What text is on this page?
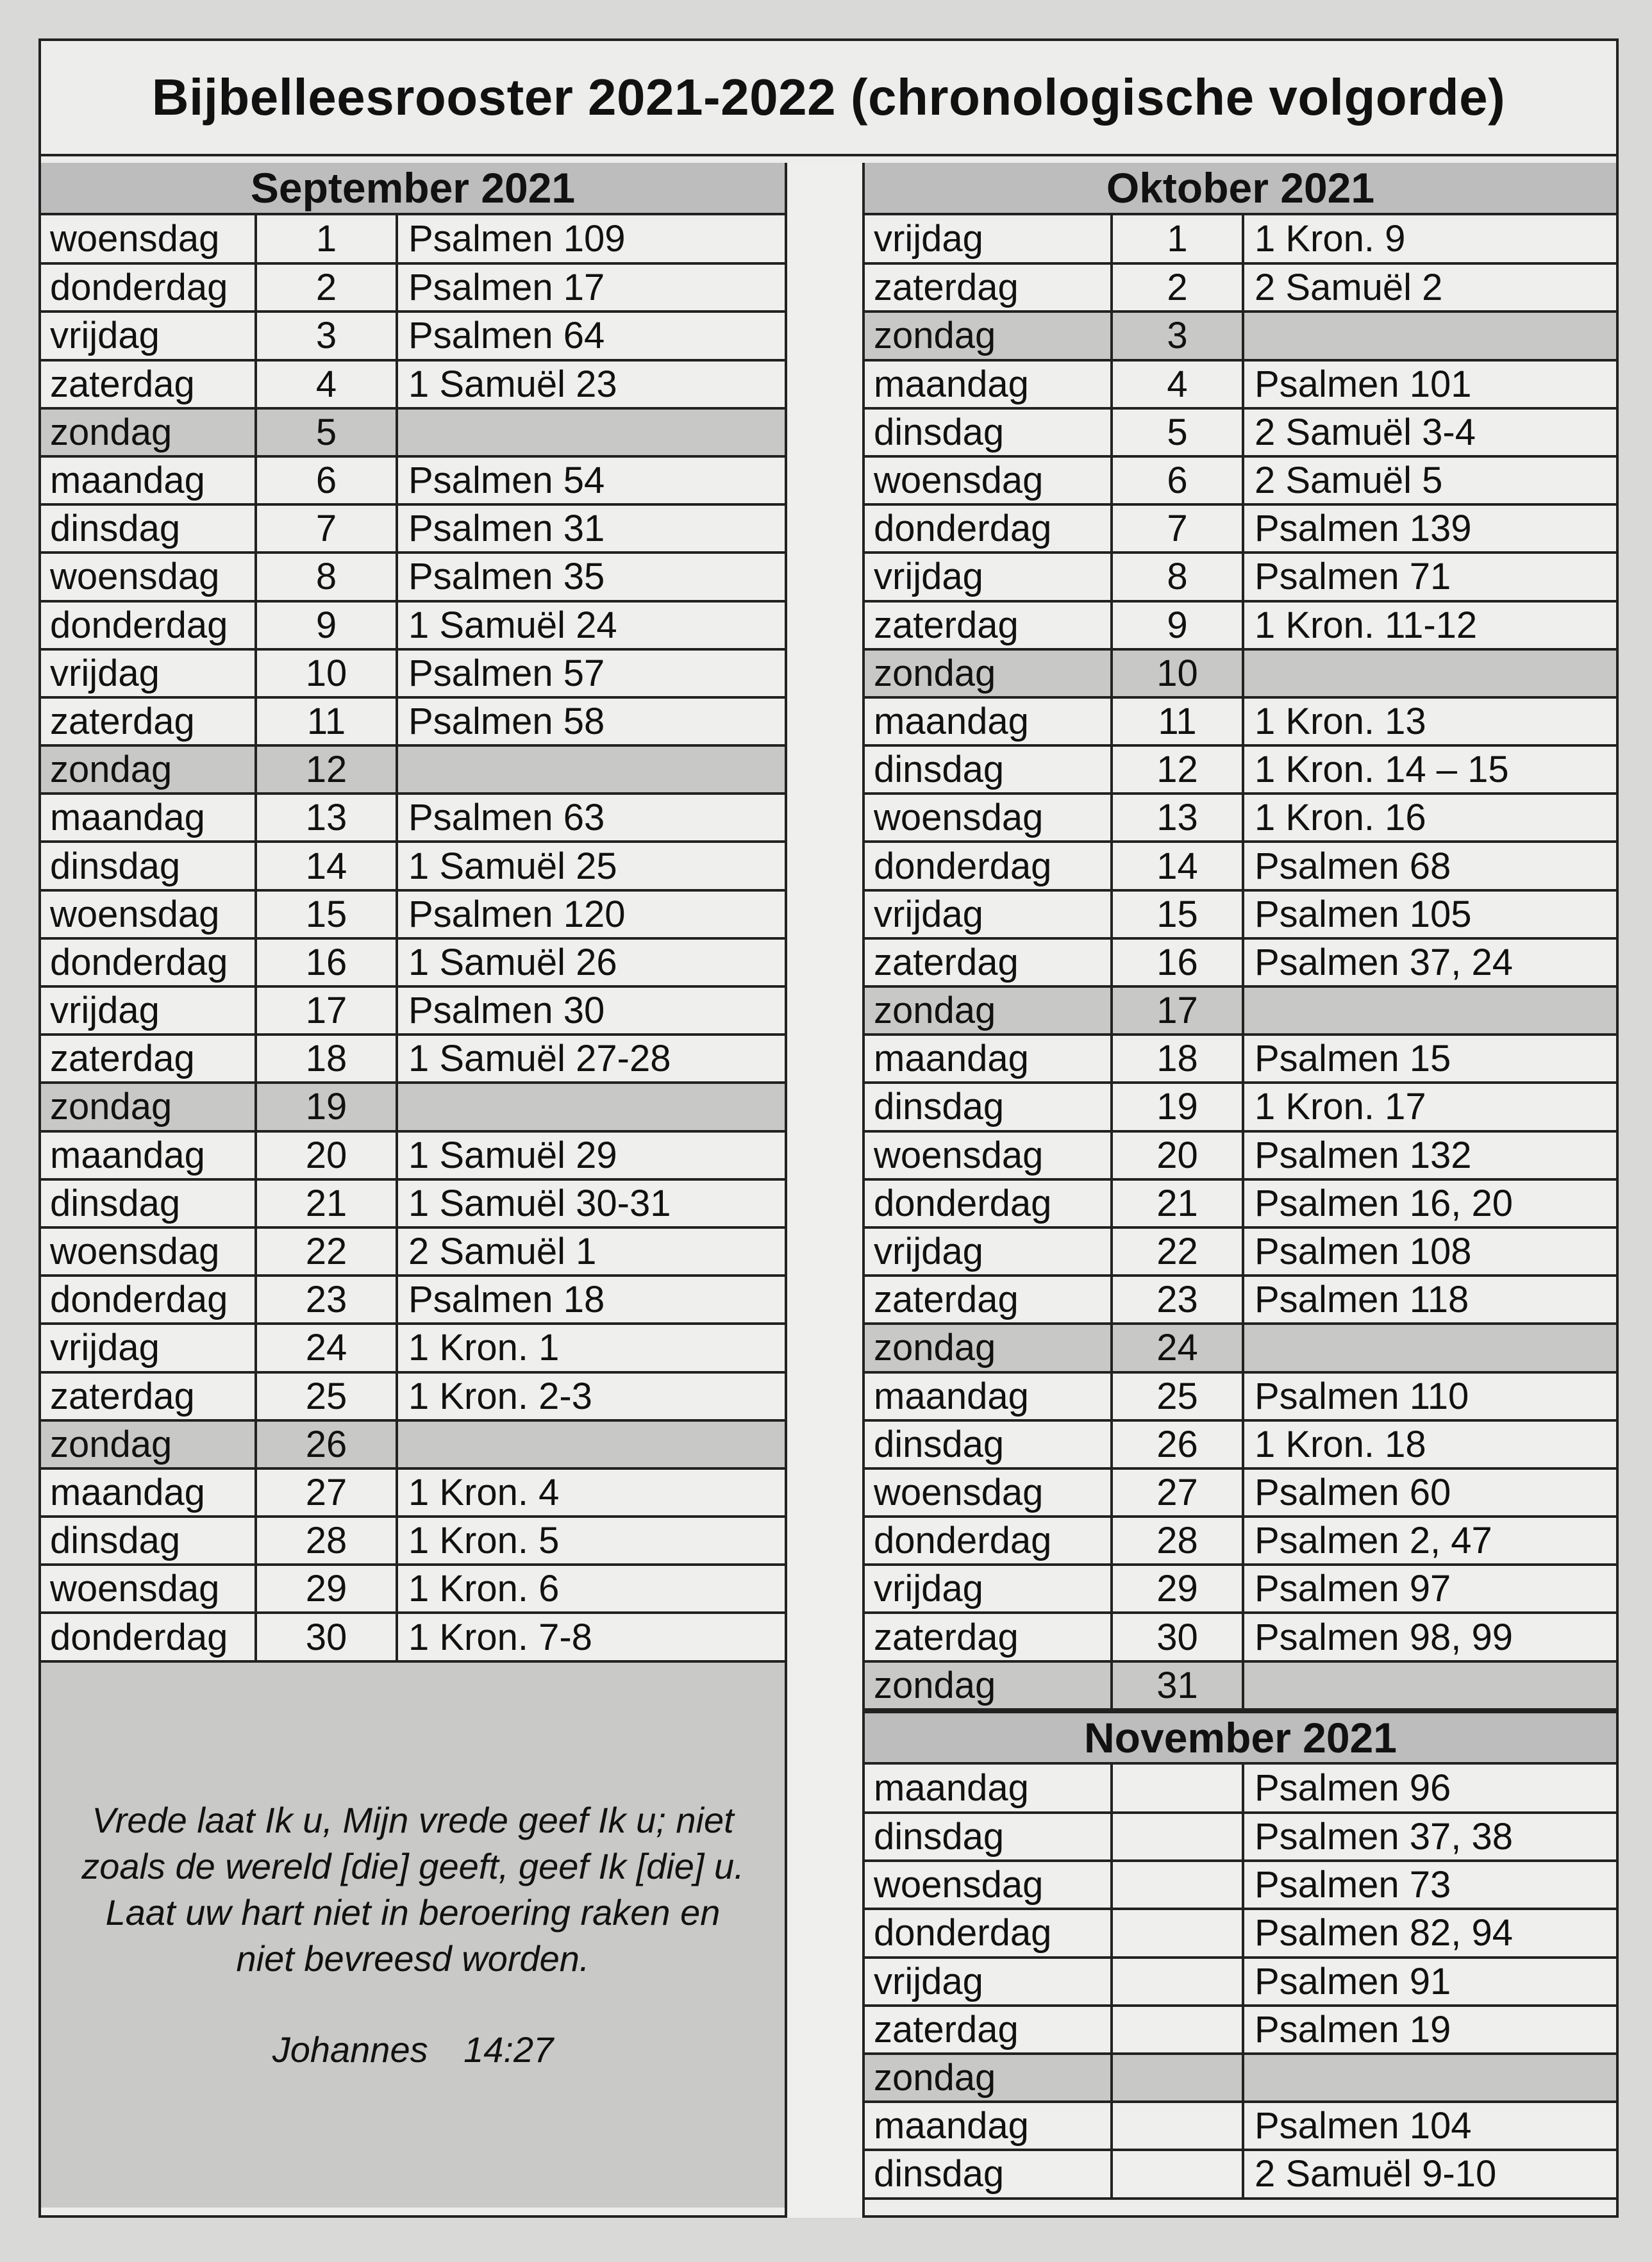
Bijbelleesrooster 2021-2022 (chronologische volgorde)
September 2021
woensdag	1	Psalmen 109
donderdag	2	Psalmen 17
vrijdag	3	Psalmen 64
zaterdag	4	1 Samuël 23
zondag	5	
maandag	6	Psalmen 54
dinsdag	7	Psalmen 31
woensdag	8	Psalmen 35
donderdag	9	1 Samuël 24
vrijdag	10	Psalmen 57
zaterdag	11	Psalmen 58
zondag	12	
maandag	13	Psalmen 63
dinsdag	14	1 Samuël 25
woensdag	15	Psalmen 120
donderdag	16	1 Samuël 26
vrijdag	17	Psalmen 30
zaterdag	18	1 Samuël 27-28
zondag	19	
maandag	20	1 Samuël 29
dinsdag	21	1 Samuël 30-31
woensdag	22	2 Samuël 1
donderdag	23	Psalmen 18
vrijdag	24	1 Kron. 1
zaterdag	25	1 Kron. 2-3
zondag	26	
maandag	27	1 Kron. 4
dinsdag	28	1 Kron. 5
woensdag	29	1 Kron. 6
donderdag	30	1 Kron. 7-8
Vrede laat Ik u, Mijn vrede geef Ik u; niet
zoals de wereld [die] geeft, geef Ik [die] u.
Laat uw hart niet in beroering raken en
niet bevreesd worden.
Johannes 14:27
Oktober 2021
vrijdag	1	1 Kron. 9
zaterdag	2	2 Samuël 2
zondag	3	
maandag	4	Psalmen 101
dinsdag	5	2 Samuël 3-4
woensdag	6	2 Samuël 5
donderdag	7	Psalmen 139
vrijdag	8	Psalmen 71
zaterdag	9	1 Kron. 11-12
zondag	10	
maandag	11	1 Kron. 13
dinsdag	12	1 Kron. 14 – 15
woensdag	13	1 Kron. 16
donderdag	14	Psalmen 68
vrijdag	15	Psalmen 105
zaterdag	16	Psalmen 37, 24
zondag	17	
maandag	18	Psalmen 15
dinsdag	19	1 Kron. 17
woensdag	20	Psalmen 132
donderdag	21	Psalmen 16, 20
vrijdag	22	Psalmen 108
zaterdag	23	Psalmen 118
zondag	24	
maandag	25	Psalmen 110
dinsdag	26	1 Kron. 18
woensdag	27	Psalmen 60
donderdag	28	Psalmen 2, 47
vrijdag	29	Psalmen 97
zaterdag	30	Psalmen 98, 99
zondag	31	
November 2021
maandag		Psalmen 96
dinsdag		Psalmen 37, 38
woensdag		Psalmen 73
donderdag		Psalmen 82, 94
vrijdag		Psalmen 91
zaterdag		Psalmen 19
zondag		
maandag		Psalmen 104
dinsdag		2 Samuël 9-10
